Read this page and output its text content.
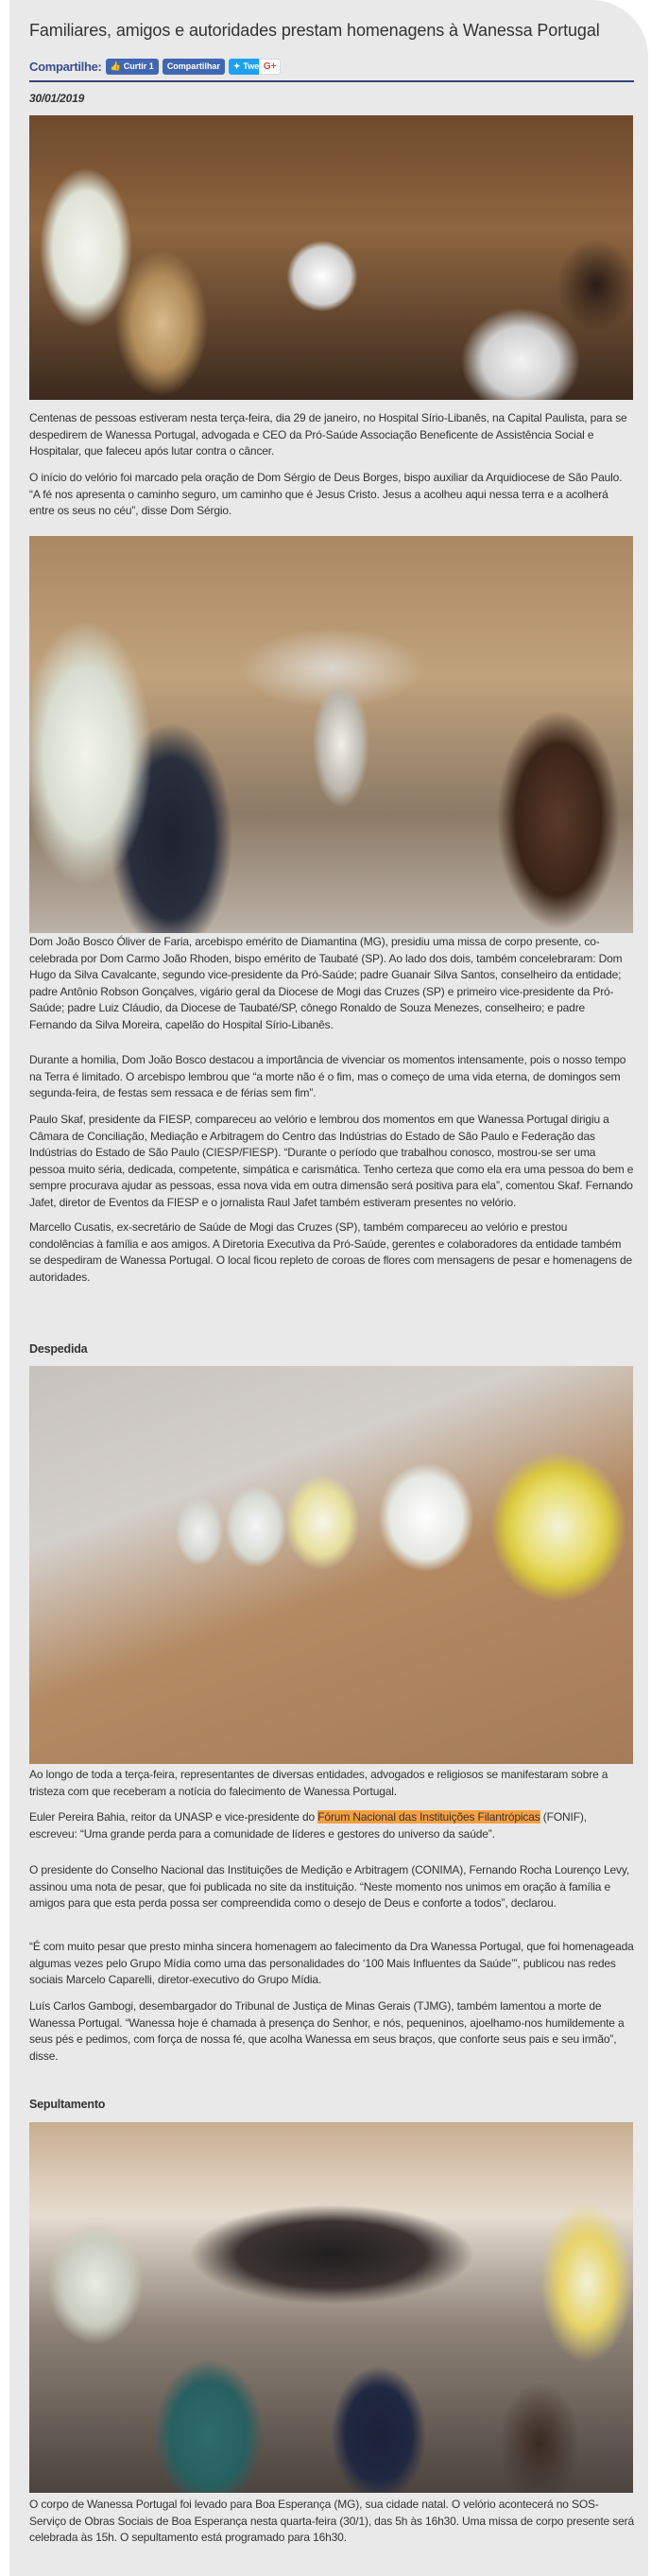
Familiares, amigos e autoridades prestam homenagens à Wanessa Portugal
Compartilhe: 👍 Curtir 1 Compartilhar ✦ Twe G+
30/01/2019

Centenas de pessoas estiveram nesta terça-feira, dia 29 de janeiro, no Hospital Sírio-Libanês, na Capital Paulista, para se despedirem de Wanessa Portugal, advogada e CEO da Pró-Saúde Associação Beneficente de Assistência Social e Hospitalar, que faleceu após lutar contra o câncer.

O início do velório foi marcado pela oração de Dom Sérgio de Deus Borges, bispo auxiliar da Arquidiocese de São Paulo. “A fé nos apresenta o caminho seguro, um caminho que é Jesus Cristo. Jesus a acolheu aqui nessa terra e a acolherá entre os seus no céu”, disse Dom Sérgio.

Dom João Bosco Óliver de Faria, arcebispo emérito de Diamantina (MG), presidiu uma missa de corpo presente, co-celebrada por Dom Carmo João Rhoden, bispo emérito de Taubaté (SP). Ao lado dos dois, também concelebraram: Dom Hugo da Silva Cavalcante, segundo vice-presidente da Pró-Saúde; padre Guanair Silva Santos, conselheiro da entidade; padre Antônio Robson Gonçalves, vigário geral da Diocese de Mogi das Cruzes (SP) e primeiro vice-presidente da Pró-Saúde; padre Luiz Cláudio, da Diocese de Taubaté/SP, cônego Ronaldo de Souza Menezes, conselheiro; e padre Fernando da Silva Moreira, capelão do Hospital Sírio-Libanês.

Durante a homilia, Dom João Bosco destacou a importância de vivenciar os momentos intensamente, pois o nosso tempo na Terra é limitado. O arcebispo lembrou que “a morte não é o fim, mas o começo de uma vida eterna, de domingos sem segunda-feira, de festas sem ressaca e de férias sem fim”.

Paulo Skaf, presidente da FIESP, compareceu ao velório e lembrou dos momentos em que Wanessa Portugal dirigiu a Câmara de Conciliação, Mediação e Arbitragem do Centro das Indústrias do Estado de São Paulo e Federação das Indústrias do Estado de São Paulo (CIESP/FIESP). “Durante o período que trabalhou conosco, mostrou-se ser uma pessoa muito séria, dedicada, competente, simpática e carismática. Tenho certeza que como ela era uma pessoa do bem e sempre procurava ajudar as pessoas, essa nova vida em outra dimensão será positiva para ela”, comentou Skaf. Fernando Jafet, diretor de Eventos da FIESP e o jornalista Raul Jafet também estiveram presentes no velório.

Marcello Cusatis, ex-secretário de Saúde de Mogi das Cruzes (SP), também compareceu ao velório e prestou condolências à família e aos amigos. A Diretoria Executiva da Pró-Saúde, gerentes e colaboradores da entidade também se despediram de Wanessa Portugal. O local ficou repleto de coroas de flores com mensagens de pesar e homenagens de autoridades.

Despedida

Ao longo de toda a terça-feira, representantes de diversas entidades, advogados e religiosos se manifestaram sobre a tristeza com que receberam a notícia do falecimento de Wanessa Portugal.

Euler Pereira Bahia, reitor da UNASP e vice-presidente do Fórum Nacional das Instituições Filantrópicas (FONIF), escreveu: “Uma grande perda para a comunidade de líderes e gestores do universo da saúde”.

O presidente do Conselho Nacional das Instituições de Medição e Arbitragem (CONIMA), Fernando Rocha Lourenço Levy, assinou uma nota de pesar, que foi publicada no site da instituição. “Neste momento nos unimos em oração à família e amigos para que esta perda possa ser compreendida como o desejo de Deus e conforte a todos”, declarou.

“É com muito pesar que presto minha sincera homenagem ao falecimento da Dra Wanessa Portugal, que foi homenageada algumas vezes pelo Grupo Mídia como uma das personalidades do ‘100 Mais Influentes da Saúde’”, publicou nas redes sociais Marcelo Caparelli, diretor-executivo do Grupo Mídia.

Luís Carlos Gambogi, desembargador do Tribunal de Justiça de Minas Gerais (TJMG), também lamentou a morte de Wanessa Portugal. “Wanessa hoje é chamada à presença do Senhor, e nós, pequeninos, ajoelhamo-nos humildemente a seus pés e pedimos, com força de nossa fé, que acolha Wanessa em seus braços, que conforte seus pais e seu irmão”, disse.

Sepultamento

O corpo de Wanessa Portugal foi levado para Boa Esperança (MG), sua cidade natal. O velório acontecerá no SOS-Serviço de Obras Sociais de Boa Esperança nesta quarta-feira (30/1), das 5h às 16h30. Uma missa de corpo presente será celebrada às 15h. O sepultamento está programado para 16h30.
